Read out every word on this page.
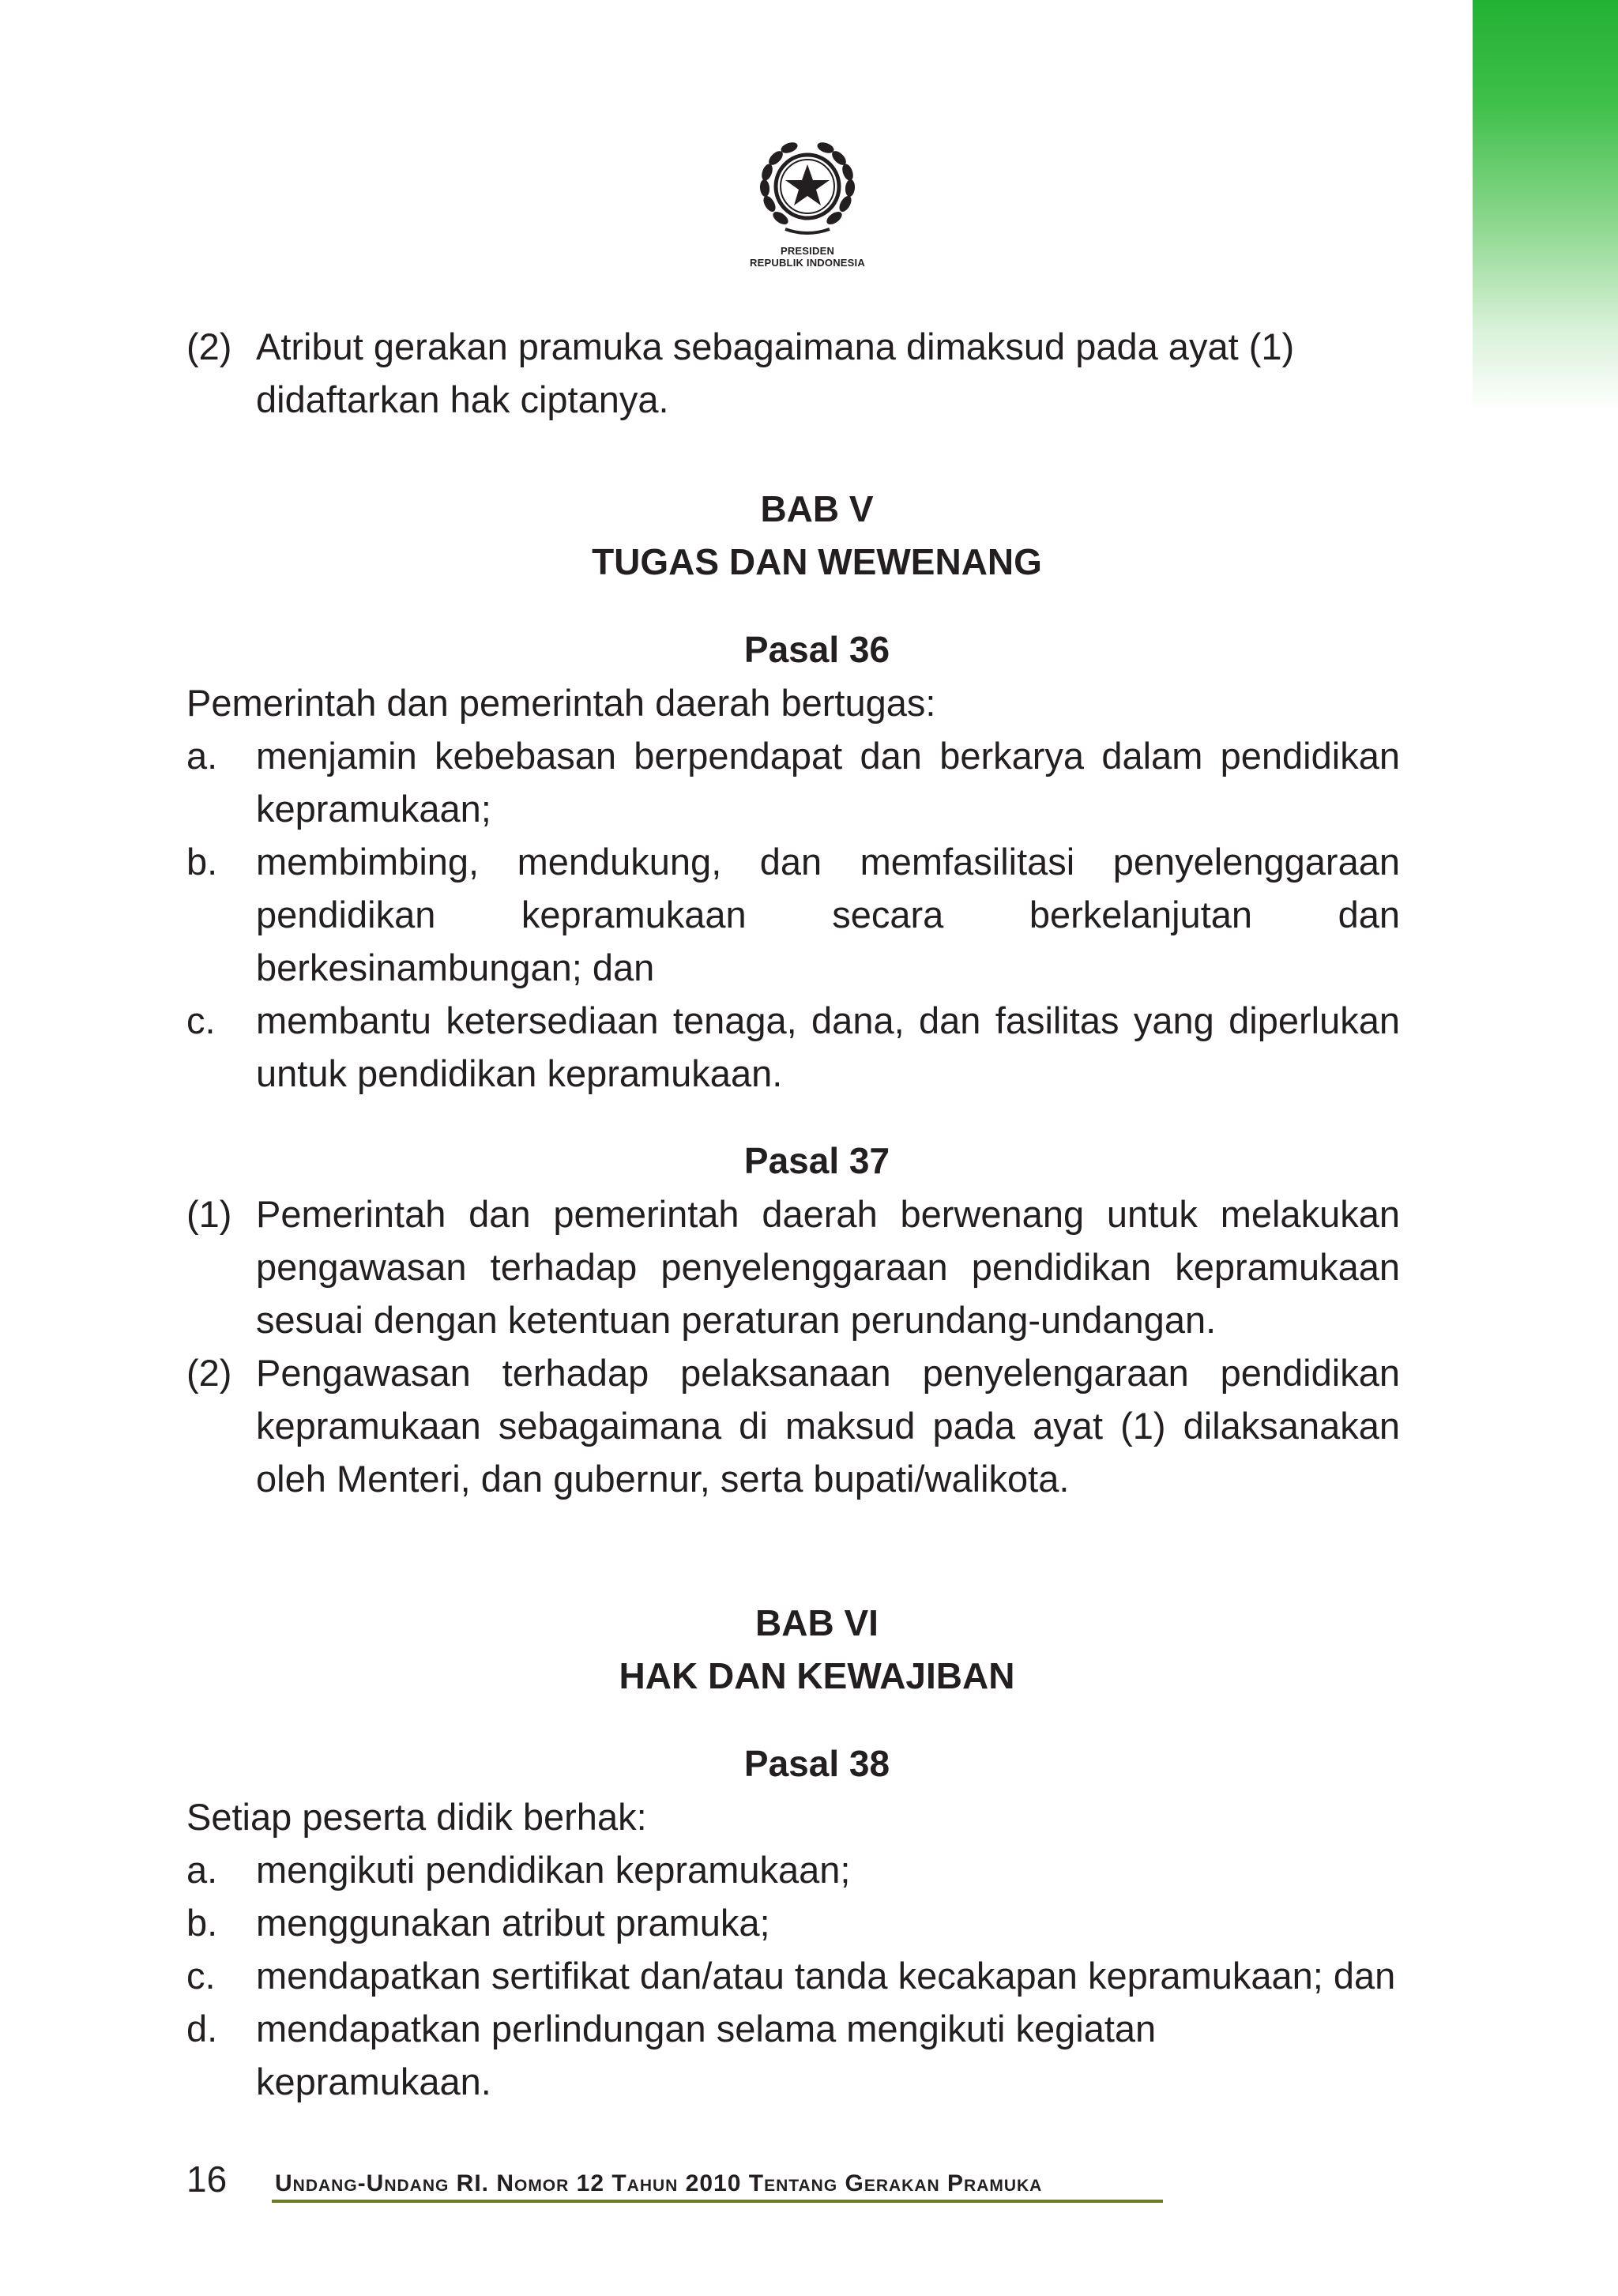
PRESIDEN
REPUBLIK INDONESIA
(2) Atribut gerakan pramuka sebagaimana dimaksud pada ayat (1) didaftarkan hak ciptanya.
BAB V
TUGAS DAN WEWENANG
Pasal 36
Pemerintah dan pemerintah daerah bertugas:
a.	menjamin kebebasan berpendapat dan berkarya dalam pendidikan kepramukaan;
b.	membimbing, mendukung, dan memfasilitasi penyelenggaraan pendidikan kepramukaan secara berkelanjutan dan berkesinambungan; dan
c.	membantu ketersediaan tenaga, dana, dan fasilitas yang diperlukan untuk pendidikan kepramukaan.
Pasal 37
(1) Pemerintah dan pemerintah daerah berwenang untuk melakukan pengawasan terhadap penyelenggaraan pendidikan kepramukaan sesuai dengan ketentuan peraturan perundang-undangan.
(2) Pengawasan terhadap pelaksanaan penyelengaraan pendidikan kepramukaan sebagaimana di maksud pada ayat (1) dilaksanakan oleh Menteri, dan gubernur, serta bupati/walikota.
BAB VI
HAK DAN KEWAJIBAN
Pasal 38
Setiap peserta didik berhak:
a.	mengikuti pendidikan kepramukaan;
b.	menggunakan atribut pramuka;
c.	mendapatkan sertifikat dan/atau tanda kecakapan kepramukaan; dan
d.	mendapatkan perlindungan selama mengikuti kegiatan kepramukaan.
16 Undang-Undang RI. Nomor 12 Tahun 2010 Tentang Gerakan Pramuka
